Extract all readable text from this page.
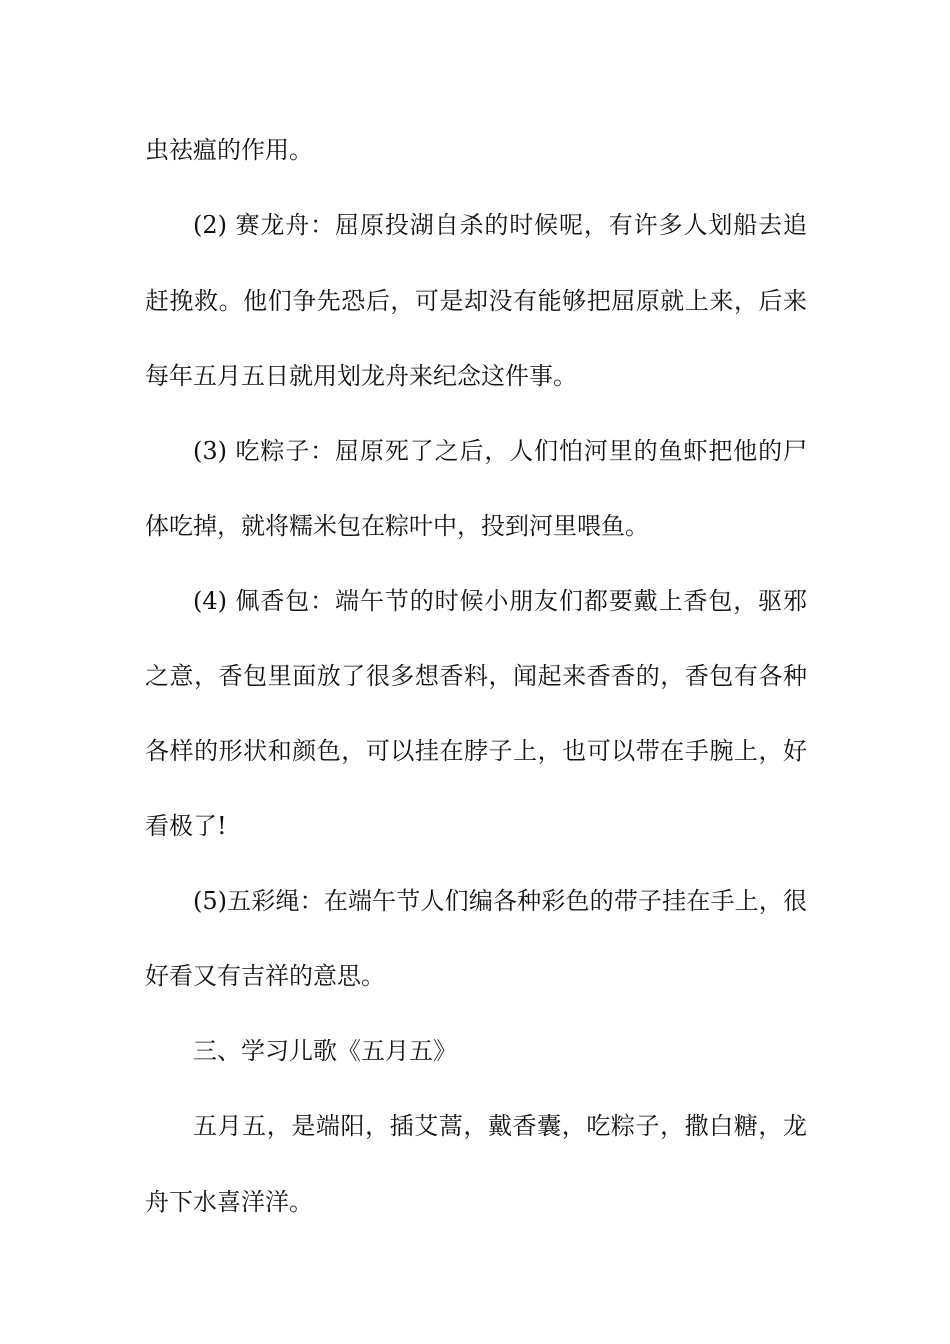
虫祛瘟的作用。
(2) 赛龙舟：屈原投湖自杀的时候呢，有许多人划船去追
赶挽救。他们争先恐后，可是却没有能够把屈原就上来，后来
每年五月五日就用划龙舟来纪念这件事。
(3) 吃粽子：屈原死了之后，人们怕河里的鱼虾把他的尸
体吃掉，就将糯米包在粽叶中，投到河里喂鱼。
(4) 佩香包：端午节的时候小朋友们都要戴上香包，驱邪
之意，香包里面放了很多想香料，闻起来香香的，香包有各种
各样的形状和颜色，可以挂在脖子上，也可以带在手腕上，好
看极了!
(5)五彩绳：在端午节人们编各种彩色的带子挂在手上，很
好看又有吉祥的意思。
三、学习儿歌《五月五》
五月五，是端阳，插艾蒿，戴香囊，吃粽子，撒白糖，龙
舟下水喜洋洋。
